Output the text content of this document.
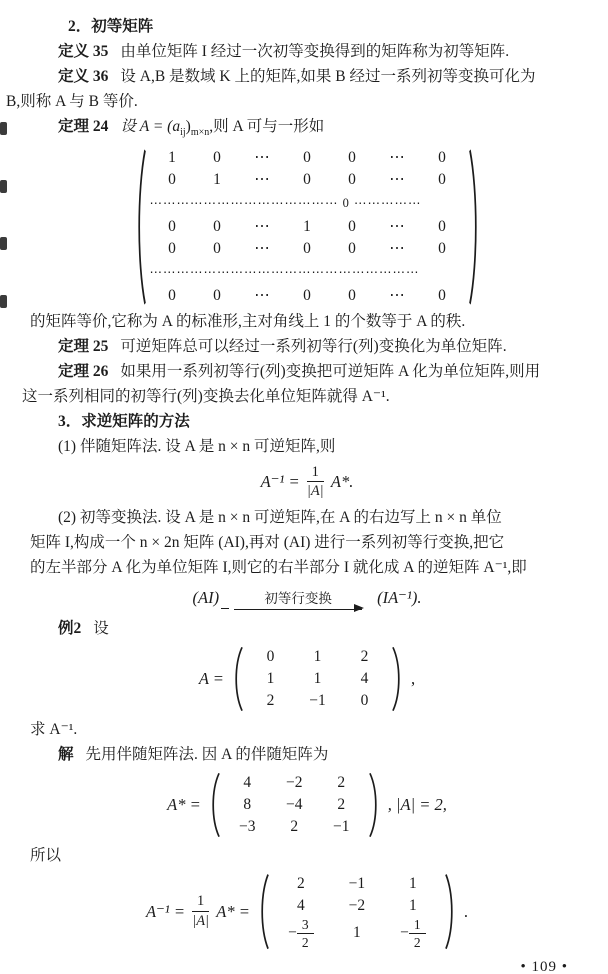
2．初等矩阵

定义 35 由单位矩阵 I 经过一次初等变换得到的矩阵称为初等矩阵.

定义 36 设 A,B 是数域 K 上的矩阵,如果 B 经过一系列初等变换可化为

B,则称 A 与 B 等价.

定理 24 设 $A = (a_{ij})_{m\times n}$,则 A 可与一形如

1	0	⋯	0	0	⋯	0
0	1	⋯	0	0	⋯	0
⋯⋯⋯⋯⋯⋯⋯⋯⋯⋯⋯⋯⋯⋯ 0 ⋯⋯⋯⋯⋯
0	0	⋯	1	0	⋯	0
0	0	⋯	0	0	⋯	0
⋯⋯⋯⋯⋯⋯⋯⋯⋯⋯⋯⋯⋯⋯⋯⋯⋯⋯⋯⋯
0	0	⋯	0	0	⋯	0

的矩阵等价,它称为 A 的标准形,主对角线上 1 的个数等于 A 的秩.

定理 25 可逆矩阵总可以经过一系列初等行(列)变换化为单位矩阵.

定理 26 如果用一系列初等行(列)变换把可逆矩阵 A 化为单位矩阵,则用

这一系列相同的初等行(列)变换去化单位矩阵就得 A⁻¹.

3．求逆矩阵的方法

(1) 伴随矩阵法. 设 A 是 n × n 可逆矩阵,则

$A^{-1} = \frac{1}{|A|} A*$.

(2) 初等变换法. 设 A 是 n × n 可逆矩阵,在 A 的右边写上 n × n 单位

矩阵 I,构成一个 n × 2n 矩阵 (AI),再对 (AI) 进行一系列初等行变换,把它

的左半部分 A 化为单位矩阵 I,则它的右半部分 I 就化成 A 的逆矩阵 A⁻¹,即

(AI)	初等行变换	(IA⁻¹).

例2 设

A =
0	1	2
1	1	4
2	−1	0
,

求 A⁻¹.

解 先用伴随矩阵法. 因 A 的伴随矩阵为

A* =
4	−2	2
8	−4	2
−3	2	−1
, |A| = 2,

所以

$A^{-1} = \frac{1}{|A|} A*$ =
2	−1	1
4	−2	1
− $\frac{3}{2}$	1	− $\frac{1}{2}$
.
• 109 •
